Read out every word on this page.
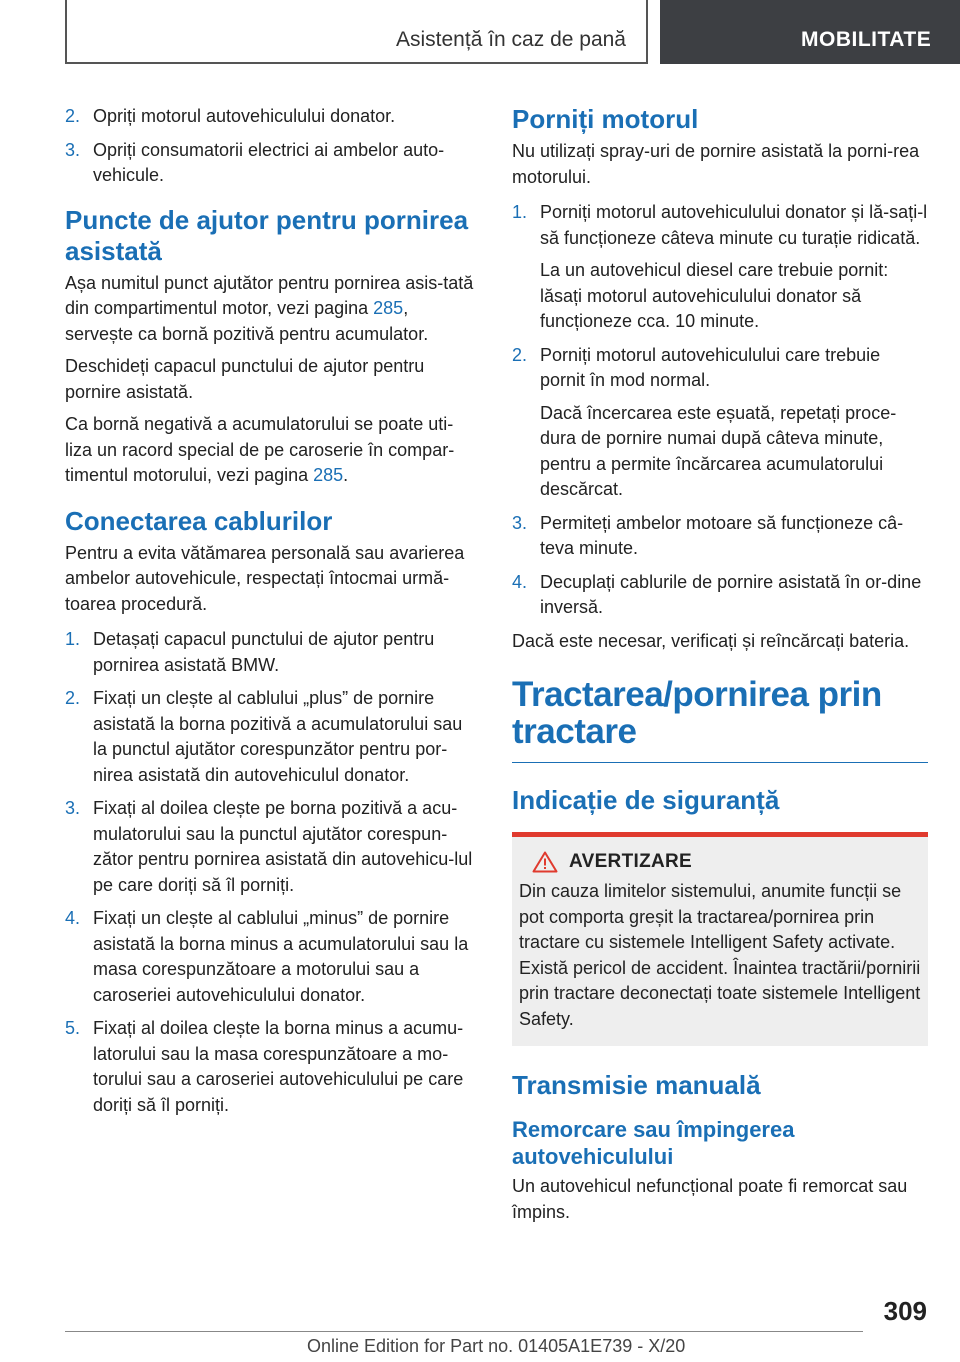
Asistență în caz de pană	MOBILITATE
2. Opriți motorul autovehiculului donator.
3. Opriți consumatorii electrici ai ambelor auto-vehicule.
Puncte de ajutor pentru pornirea asistată
Așa numitul punct ajutător pentru pornirea asis-tată din compartimentul motor, vezi pagina 285, servește ca bornă pozitivă pentru acumulator.
Deschideți capacul punctului de ajutor pentru pornire asistată.
Ca bornă negativă a acumulatorului se poate uti-liza un racord special de pe caroserie în compar-timentul motorului, vezi pagina 285.
Conectarea cablurilor
Pentru a evita vătămarea personală sau avarierea ambelor autovehicule, respectați întocmai urmă-toarea procedură.
1. Detașați capacul punctului de ajutor pentru pornirea asistată BMW.
2. Fixați un clește al cablului „plus” de pornire asistată la borna pozitivă a acumulatorului sau la punctul ajutător corespunzător pentru por-nirea asistată din autovehiculul donator.
3. Fixați al doilea clește pe borna pozitivă a acu-mulatorului sau la punctul ajutător corespun-zător pentru pornirea asistată din autovehicu-lul pe care doriți să îl porniți.
4. Fixați un clește al cablului „minus” de pornire asistată la borna minus a acumulatorului sau la masa corespunzătoare a motorului sau a caroseriei autovehiculului donator.
5. Fixați al doilea clește la borna minus a acumu-latorului sau la masa corespunzătoare a mo-torului sau a caroseriei autovehiculului pe care doriți să îl porniți.
Porniți motorul
Nu utilizați spray-uri de pornire asistată la porni-rea motorului.
1. Porniți motorul autovehiculului donator și lă-sați-l să funcționeze câteva minute cu turație ridicată.
La un autovehicul diesel care trebuie pornit: lăsați motorul autovehiculului donator să funcționeze cca. 10 minute.
2. Porniți motorul autovehiculului care trebuie pornit în mod normal.
Dacă încercarea este eșuată, repetați proce-dura de pornire numai după câteva minute, pentru a permite încărcarea acumulatorului descărcat.
3. Permiteți ambelor motoare să funcționeze câ-teva minute.
4. Decuplați cablurile de pornire asistată în or-dine inversă.
Dacă este necesar, verificați și reîncărcați bateria.
Tractarea/pornirea prin tractare
Indicație de siguranță
AVERTIZARE
Din cauza limitelor sistemului, anumite funcții se pot comporta greșit la tractarea/pornirea prin tractare cu sistemele Intelligent Safety activate. Există pericol de accident. Înaintea tractării/pornirii prin tractare deconectați toate sistemele Intelligent Safety.
Transmisie manuală
Remorcare sau împingerea autovehiculului
Un autovehicul nefuncțional poate fi remorcat sau împins.
309
Online Edition for Part no. 01405A1E739 - X/20
